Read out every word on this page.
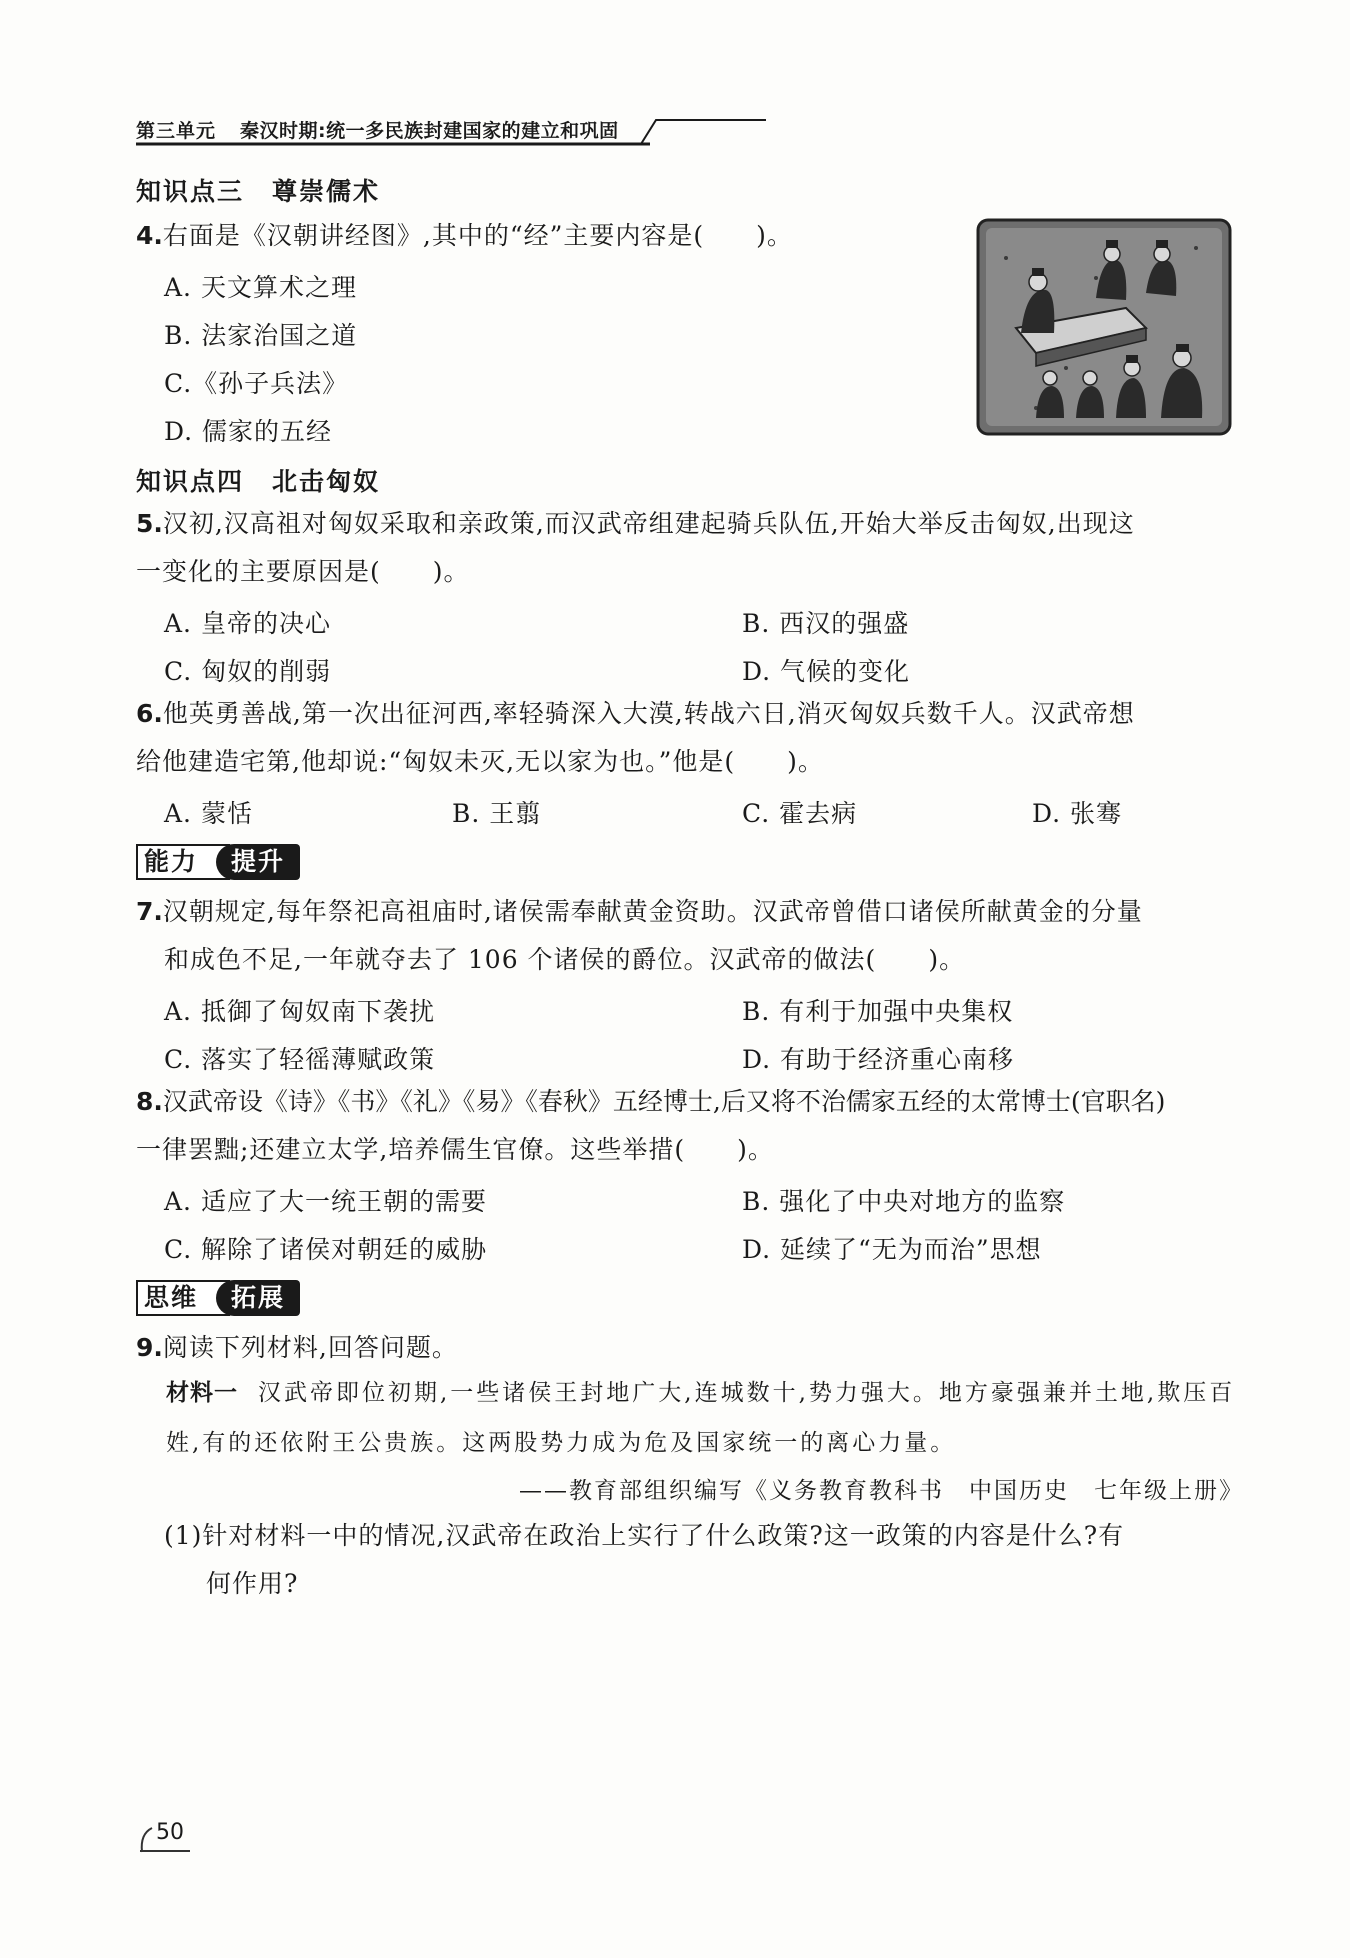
第三单元 秦汉时期:统一多民族封建国家的建立和巩固
知识点三 尊崇儒术
4.右面是《汉朝讲经图》,其中的“经”主要内容是(　　)。
A. 天文算术之理
B. 法家治国之道
C.《孙子兵法》
D. 儒家的五经
知识点四 北击匈奴
5.汉初,汉高祖对匈奴采取和亲政策,而汉武帝组建起骑兵队伍,开始大举反击匈奴,出现这
一变化的主要原因是(　　)。
A. 皇帝的决心	B. 西汉的强盛
C. 匈奴的削弱	D. 气候的变化
6.他英勇善战,第一次出征河西,率轻骑深入大漠,转战六日,消灭匈奴兵数千人。汉武帝想
给他建造宅第,他却说:“匈奴未灭,无以家为也。”他是(　　)。
A. 蒙恬	B. 王翦	C. 霍去病	D. 张骞
能力	提升
7.汉朝规定,每年祭祀高祖庙时,诸侯需奉献黄金资助。汉武帝曾借口诸侯所献黄金的分量
和成色不足,一年就夺去了 106 个诸侯的爵位。汉武帝的做法(　　)。
A. 抵御了匈奴南下袭扰	B. 有利于加强中央集权
C. 落实了轻徭薄赋政策	D. 有助于经济重心南移
8.汉武帝设《诗》《书》《礼》《易》《春秋》五经博士,后又将不治儒家五经的太常博士(官职名)
一律罢黜;还建立太学,培养儒生官僚。这些举措(　　)。
A. 适应了大一统王朝的需要	B. 强化了中央对地方的监察
C. 解除了诸侯对朝廷的威胁	D. 延续了“无为而治”思想
思维	拓展
9.阅读下列材料,回答问题。
材料一 汉武帝即位初期,一些诸侯王封地广大,连城数十,势力强大。地方豪强兼并土地,欺压百姓,有的还依附王公贵族。这两股势力成为危及国家统一的离心力量。
——教育部组织编写《义务教育教科书　中国历史　七年级上册》
(1)针对材料一中的情况,汉武帝在政治上实行了什么政策?这一政策的内容是什么?有
何作用?
50
